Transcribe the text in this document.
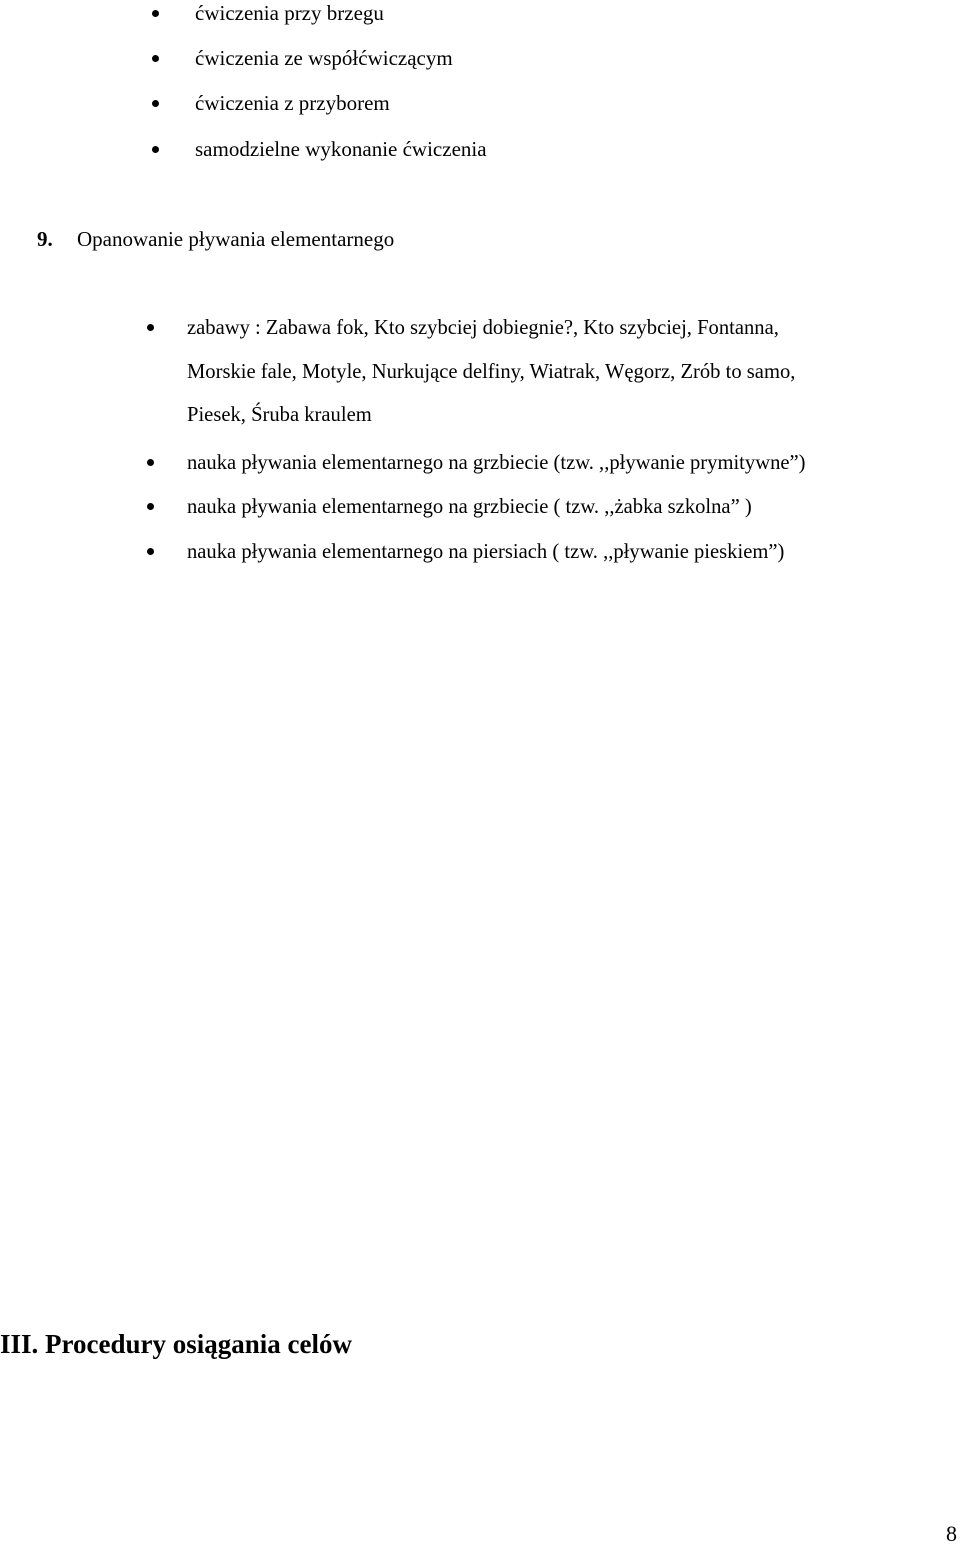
ćwiczenia przy brzegu
ćwiczenia ze współćwiczącym
ćwiczenia z przyborem
samodzielne wykonanie ćwiczenia
9. Opanowanie pływania elementarnego
zabawy : Zabawa fok, Kto szybciej dobiegnie?, Kto szybciej, Fontanna,
Morskie fale, Motyle, Nurkujące delfiny, Wiatrak, Węgorz, Zrób to samo,
Piesek, Śruba kraulem
nauka pływania elementarnego na grzbiecie (tzw. ,,pływanie prymitywne”)
nauka pływania elementarnego na grzbiecie ( tzw. ,,żabka szkolna” )
nauka pływania elementarnego na piersiach ( tzw. ,,pływanie pieskiem”)
III. Procedury osiągania celów
8
